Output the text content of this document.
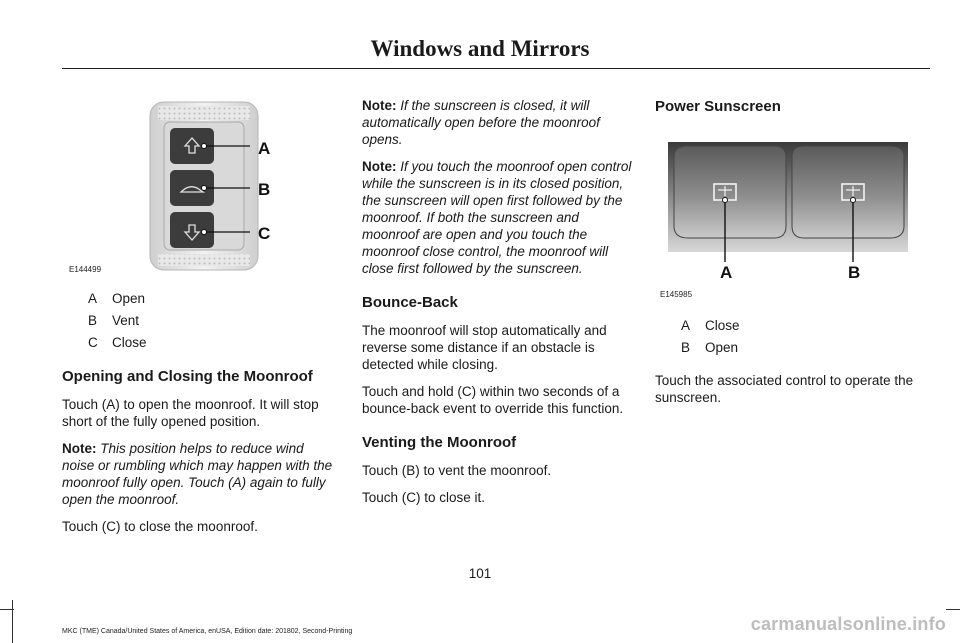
Windows and Mirrors
A
B
C
E144499
A	Open
B	Vent
C	Close
Opening and Closing the Moonroof

Touch (A) to open the moonroof. It will stop short of the fully opened position.

Note: This position helps to reduce wind noise or rumbling which may happen with the moonroof fully open. Touch (A) again to fully open the moonroof.

Touch (C) to close the moonroof.

Note: If the sunscreen is closed, it will automatically open before the moonroof opens.

Note: If you touch the moonroof open control while the sunscreen is in its closed position, the sunscreen will open first followed by the moonroof. If both the sunscreen and moonroof are open and you touch the moonroof close control, the moonroof will close first followed by the sunscreen.

Bounce-Back

The moonroof will stop automatically and reverse some distance if an obstacle is detected while closing.

Touch and hold (C) within two seconds of a bounce-back event to override this function.

Venting the Moonroof

Touch (B) to vent the moonroof.

Touch (C) to close it.

Power Sunscreen
A	B
E145985
A	Close
B	Open

Touch the associated control to operate the sunscreen.

101
MKC (TME) Canada/United States of America, enUSA, Edition date: 201802, Second-Printing	carmanualsonline.info
